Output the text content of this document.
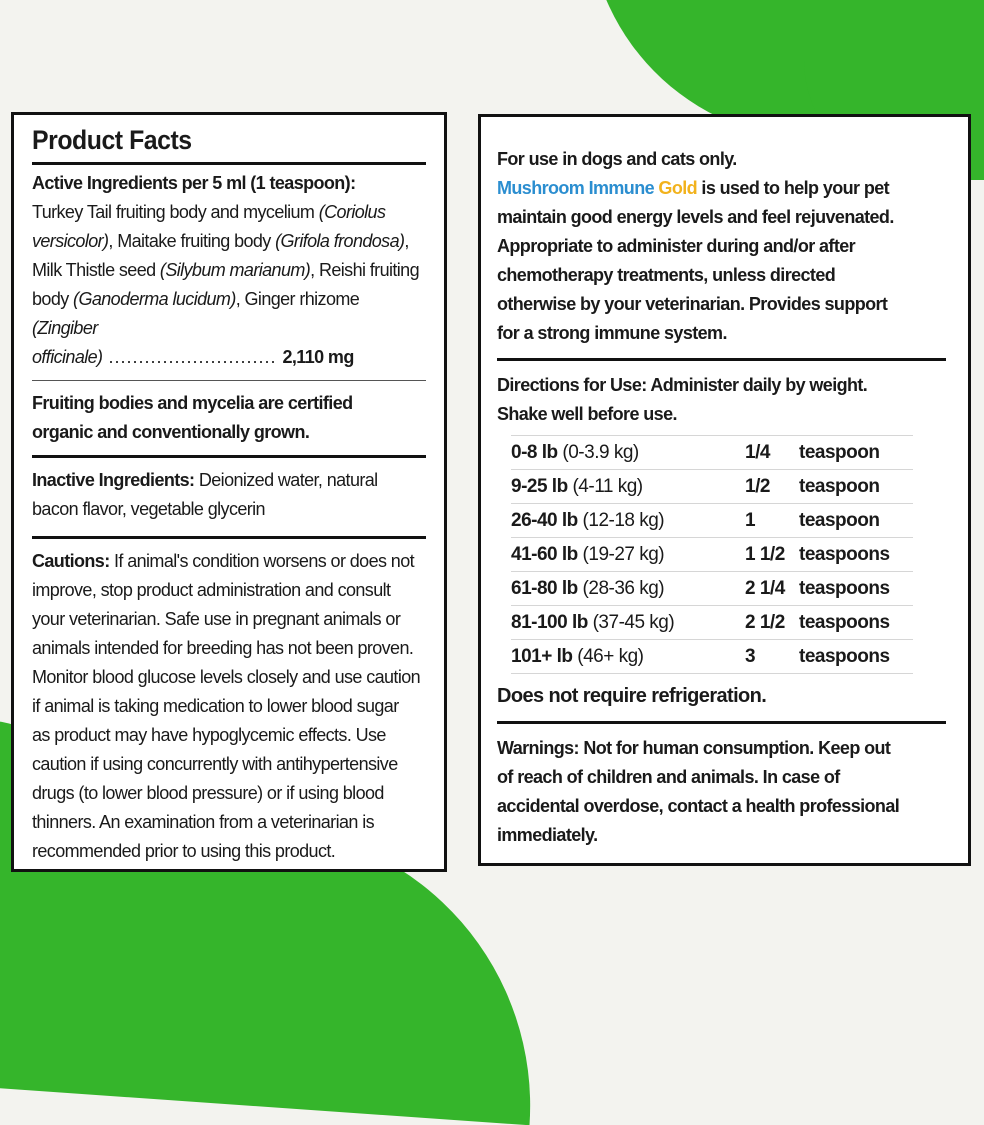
Product Facts
Active Ingredients per 5 ml (1 teaspoon):
Turkey Tail fruiting body and mycelium (Coriolus
versicolor), Maitake fruiting body (Grifola frondosa),
Milk Thistle seed (Silybum marianum), Reishi fruiting
body (Ganoderma lucidum), Ginger rhizome (Zingiber
officinale) ............................ 2,110 mg
Fruiting bodies and mycelia are certified
organic and conventionally grown.
Inactive Ingredients: Deionized water, natural
bacon flavor, vegetable glycerin
Cautions: If animal's condition worsens or does not
improve, stop product administration and consult
your veterinarian. Safe use in pregnant animals or
animals intended for breeding has not been proven.
Monitor blood glucose levels closely and use caution
if animal is taking medication to lower blood sugar
as product may have hypoglycemic effects. Use
caution if using concurrently with antihypertensive
drugs (to lower blood pressure) or if using blood
thinners. An examination from a veterinarian is
recommended prior to using this product.
For use in dogs and cats only.
Mushroom Immune Gold is used to help your pet
maintain good energy levels and feel rejuvenated.
Appropriate to administer during and/or after
chemotherapy treatments, unless directed
otherwise by your veterinarian. Provides support
for a strong immune system.
Directions for Use: Administer daily by weight.
Shake well before use.
0-8 lb (0-3.9 kg)	1/4	teaspoon
9-25 lb (4-11 kg)	1/2	teaspoon
26-40 lb (12-18 kg)	1	teaspoon
41-60 lb (19-27 kg)	1 1/2	teaspoons
61-80 lb (28-36 kg)	2 1/4	teaspoons
81-100 lb (37-45 kg)	2 1/2	teaspoons
101+ lb (46+ kg)	3	teaspoons
Does not require refrigeration.
Warnings: Not for human consumption. Keep out
of reach of children and animals. In case of
accidental overdose, contact a health professional
immediately.
